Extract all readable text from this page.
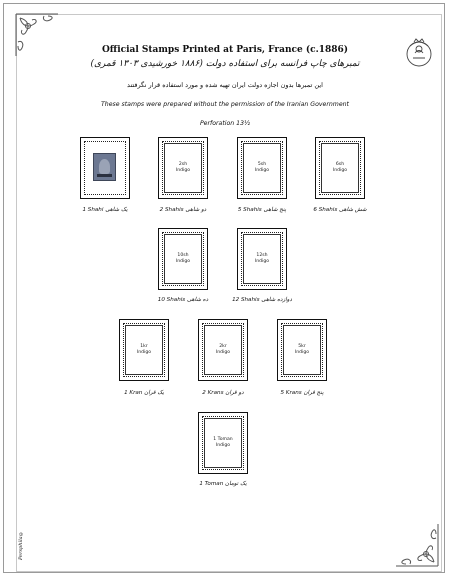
Official Stamps Printed at Paris, France (c.1886)
تمبرهای چاپ فرانسه برای استفاده دولت (۱۸۸۶ خورشیدی ۱۳۰۳ قمری)
این تمبرها بدون اجازه دولت ایران تهیه شده و مورد استفاده قرار نگرفتند
These stamps were prepared without the permission of the Iranian Government
Perforation 13½
1 Shahi یک شاهی
2sh
Indigo
2 Shahis دو شاهی
5sh
Indigo
5 Shahis پنج شاهی
6sh
Indigo
6 Shahis شش شاهی
10sh
Indigo
10 Shahis ده شاهی
12sh
Indigo
12 Shahis دوازده شاهی
1kr
Indigo
1 Kran یک قران
2kr
Indigo
2 Krans دو قران
5kr
Indigo
5 Krans پنج قران
1 Toman
Indigo
1 Toman یک تومان
Persphila©
